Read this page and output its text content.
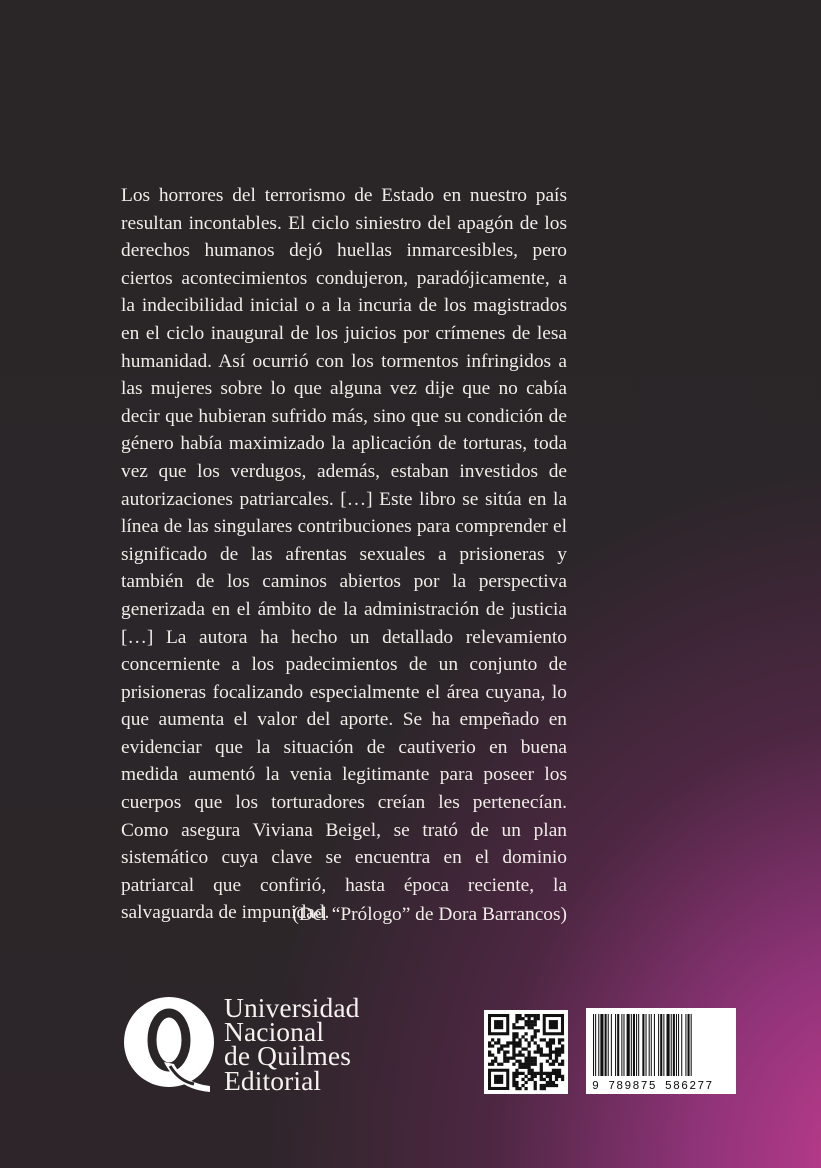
Los horrores del terrorismo de Estado en nuestro país resultan incontables. El ciclo siniestro del apagón de los derechos humanos dejó huellas inmarcesibles, pero ciertos acontecimientos condujeron, paradójicamente, a la indecibilidad inicial o a la incuria de los magistrados en el ciclo inaugural de los juicios por crímenes de lesa humanidad. Así ocurrió con los tormentos infringidos a las mujeres sobre lo que alguna vez dije que no cabía decir que hubieran sufrido más, sino que su condición de género había maximizado la aplicación de torturas, toda vez que los verdugos, además, estaban investidos de autorizaciones patriarcales. […] Este libro se sitúa en la línea de las singulares contribuciones para comprender el significado de las afrentas sexuales a prisioneras y también de los caminos abiertos por la perspectiva generizada en el ámbito de la administración de justicia […] La autora ha hecho un detallado relevamiento concerniente a los padecimientos de un conjunto de prisioneras focalizando especialmente el área cuyana, lo que aumenta el valor del aporte. Se ha empeñado en evidenciar que la situación de cautiverio en buena medida aumentó la venia legitimante para poseer los cuerpos que los torturadores creían les pertenecían. Como asegura Viviana Beigel, se trató de un plan sistemático cuya clave se encuentra en el dominio patriarcal que confirió, hasta época reciente, la salvaguarda de impunidad.

(Del “Prólogo” de Dora Barrancos)
Universidad
Nacional
de Quilmes
Editorial	9 789875 586277
